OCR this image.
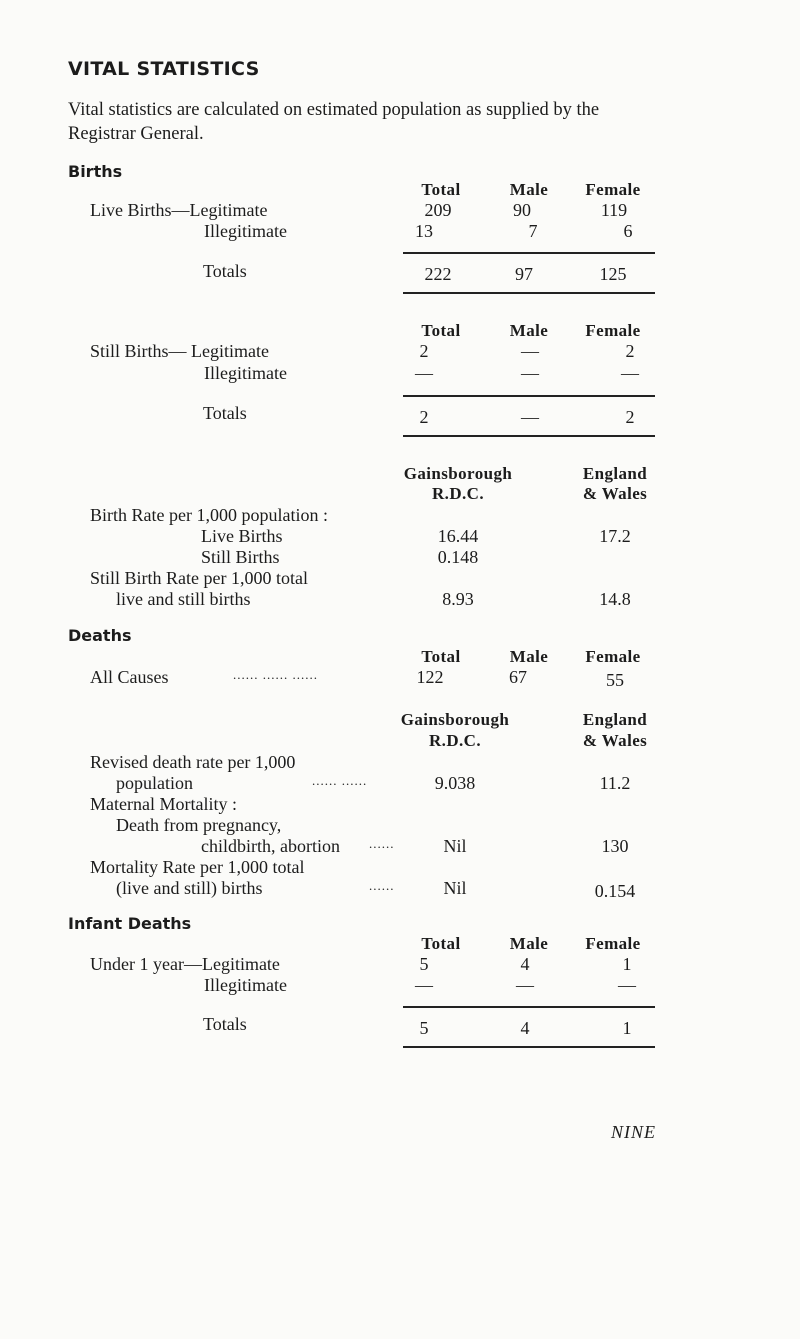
VITAL STATISTICS
Vital statistics are calculated on estimated population as supplied by the Registrar General.
Births
Total	Male Female
Live Births—Legitimate	209	90	119
Illegitimate	13	7	6
Totals	222	97	125
Total	Male Female
Still Births— Legitimate	2	—	2
Illegitimate	—	—	—
Totals	2	—	2
Gainsborough
R.D.C.
England
& Wales
Birth Rate per 1,000 population :
Live Births	16.44	17.2
Still Births	0.148
Still Birth Rate per 1,000 total
live and still births	8.93	14.8
Deaths
Total	Male Female
All Causes	...... ...... ......	122	67	55
Gainsborough
R.D.C.
England
& Wales
Revised death rate per 1,000
population	...... ......	9.038	11.2
Maternal Mortality :
Death from pregnancy,
childbirth, abortion ......	Nil	130
Mortality Rate per 1,000 total
(live and still) births	......	Nil	0.154
Infant Deaths
Total	Male Female
Under 1 year—Legitimate	5	4	1
Illegitimate	—	—	—
Totals	5	4	1
NINE
